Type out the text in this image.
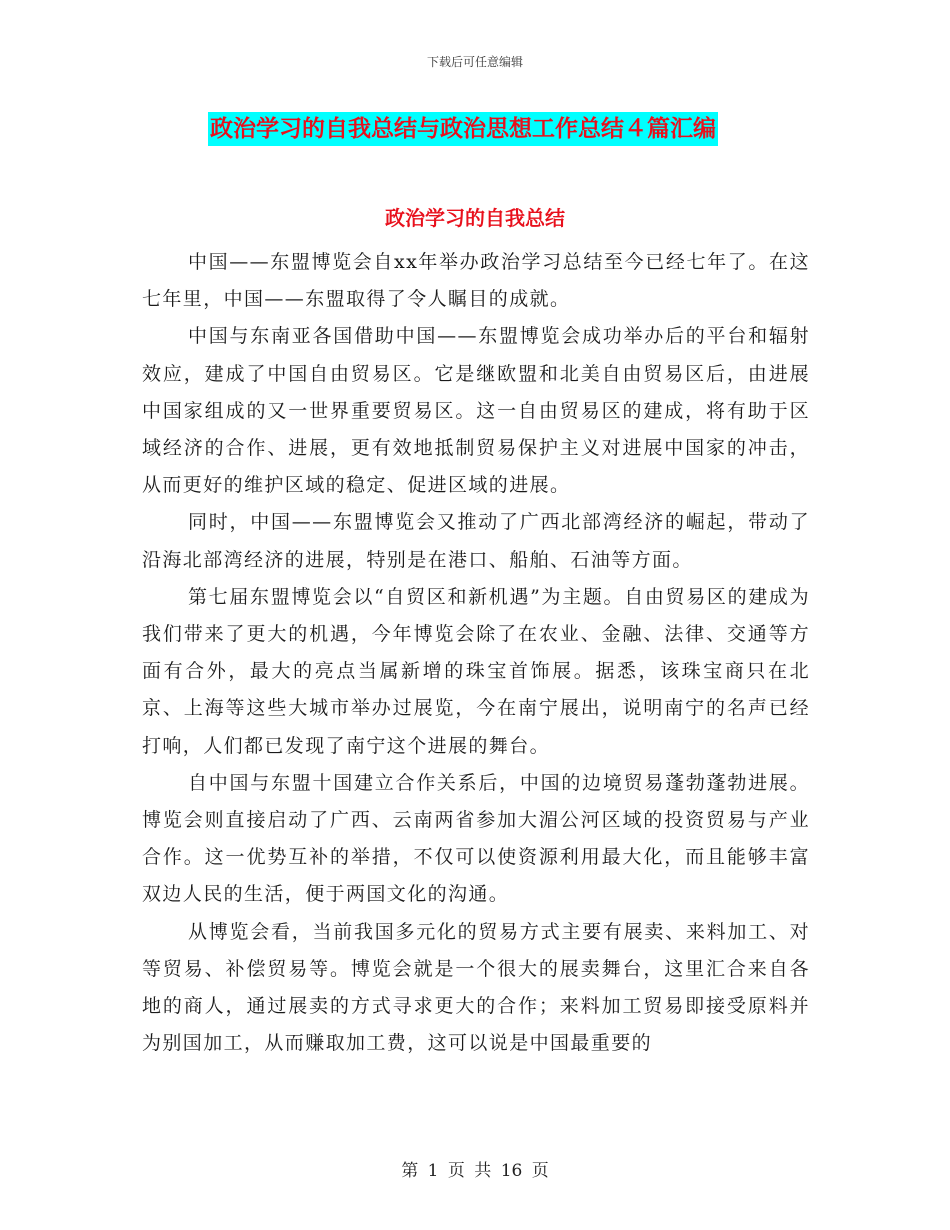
下载后可任意编辑
政治学习的自我总结与政治思想工作总结４篇汇编
政治学习的自我总结

中国——东盟博览会自xx年举办政治学习总结至今已经七年了。在这七年里，中国——东盟取得了令人瞩目的成就。

中国与东南亚各国借助中国——东盟博览会成功举办后的平台和辐射效应，建成了中国自由贸易区。它是继欧盟和北美自由贸易区后，由进展中国家组成的又一世界重要贸易区。这一自由贸易区的建成，将有助于区域经济的合作、进展，更有效地抵制贸易保护主义对进展中国家的冲击，从而更好的维护区域的稳定、促进区域的进展。

同时，中国——东盟博览会又推动了广西北部湾经济的崛起，带动了沿海北部湾经济的进展，特别是在港口、船舶、石油等方面。

第七届东盟博览会以“自贸区和新机遇”为主题。自由贸易区的建成为我们带来了更大的机遇，今年博览会除了在农业、金融、法律、交通等方面有合外，最大的亮点当属新增的珠宝首饰展。据悉，该珠宝商只在北京、上海等这些大城市举办过展览，今在南宁展出，说明南宁的名声已经打响，人们都已发现了南宁这个进展的舞台。

自中国与东盟十国建立合作关系后，中国的边境贸易蓬勃蓬勃进展。博览会则直接启动了广西、云南两省参加大湄公河区域的投资贸易与产业合作。这一优势互补的举措，不仅可以使资源利用最大化，而且能够丰富双边人民的生活，便于两国文化的沟通。

从博览会看，当前我国多元化的贸易方式主要有展卖、来料加工、对等贸易、补偿贸易等。博览会就是一个很大的展卖舞台，这里汇合来自各地的商人，通过展卖的方式寻求更大的合作；来料加工贸易即接受原料并为别国加工，从而赚取加工费，这可以说是中国最重要的

第 1 页 共 16 页
